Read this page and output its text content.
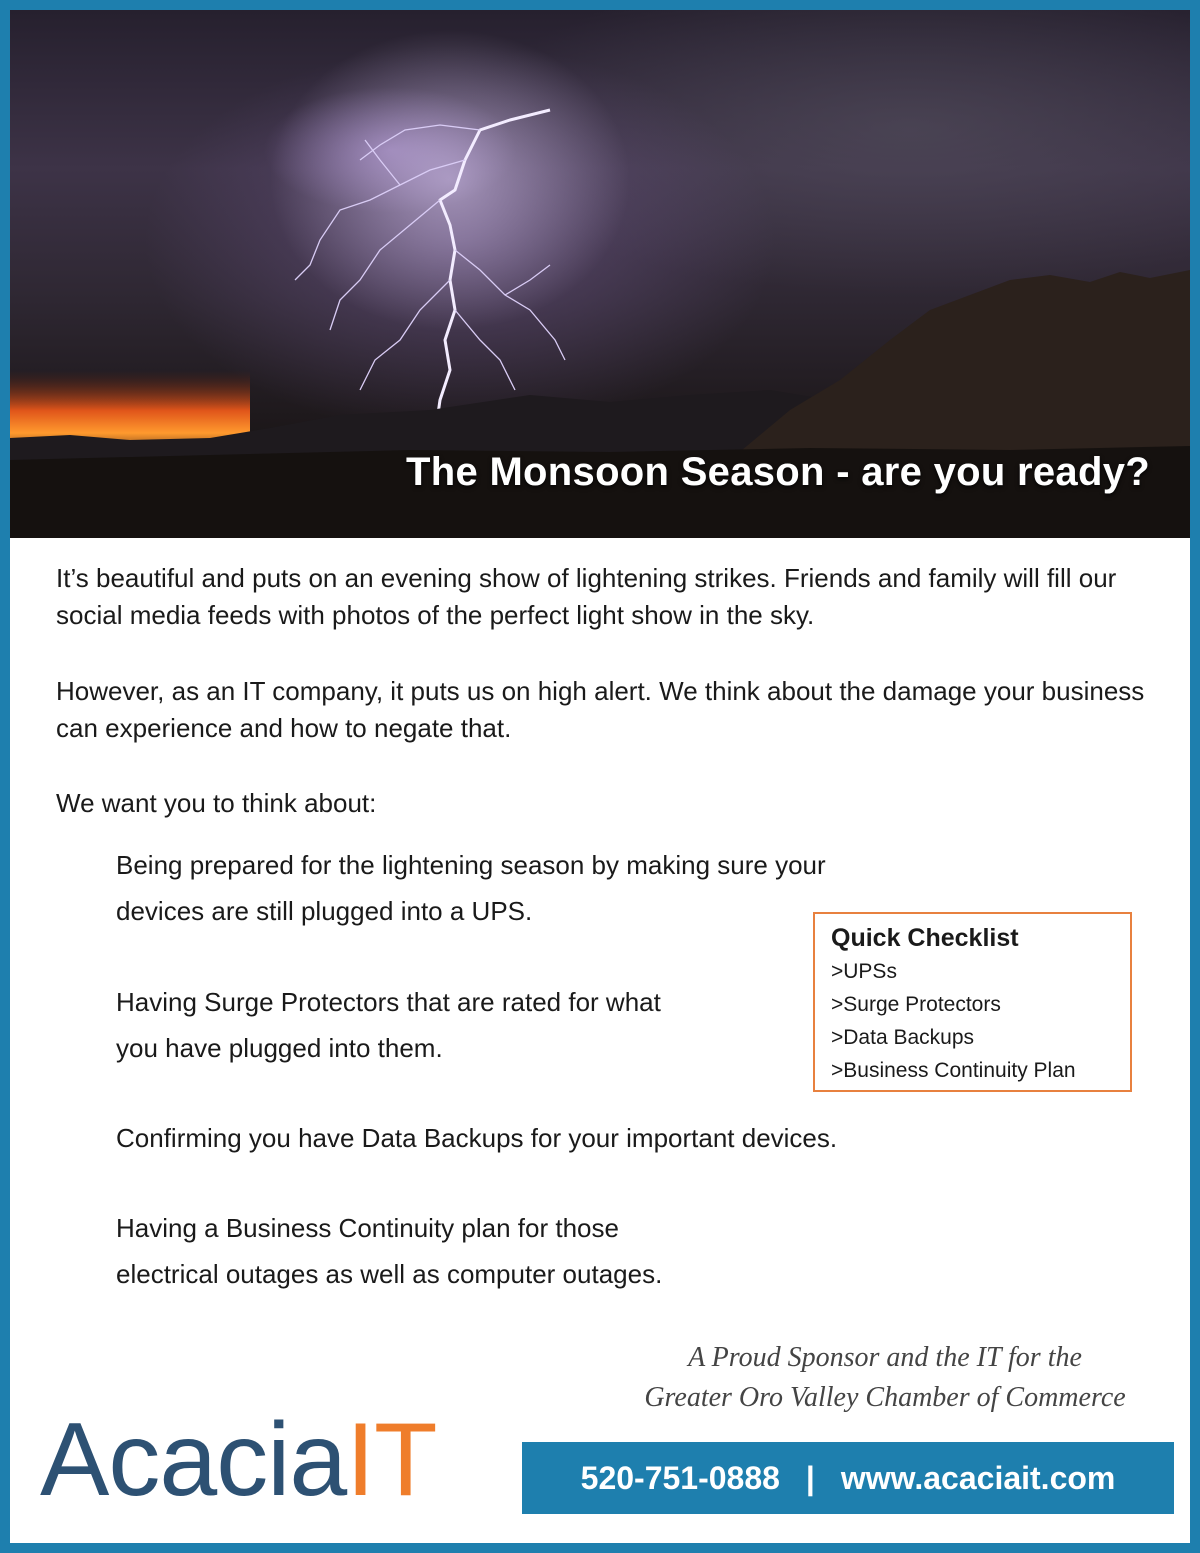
The Monsoon Season - are you ready?

It’s beautiful and puts on an evening show of lightening strikes. Friends and family will fill our social media feeds with photos of the perfect light show in the sky.

However, as an IT company, it puts us on high alert. We think about the damage your business can experience and how to negate that.

We want you to think about:

Being prepared for the lightening season by making sure your
devices are still plugged into a UPS.
Having Surge Protectors that are rated for what
you have plugged into them.
Confirming you have Data Backups for your important devices.
Having a Business Continuity plan for those
electrical outages as well as computer outages.
Quick Checklist
>UPSs
>Surge Protectors
>Data Backups
>Business Continuity Plan
A Proud Sponsor and the IT for the
Greater Oro Valley Chamber of Commerce
AcaciaIT	520-751-0888 | www.acaciait.com
